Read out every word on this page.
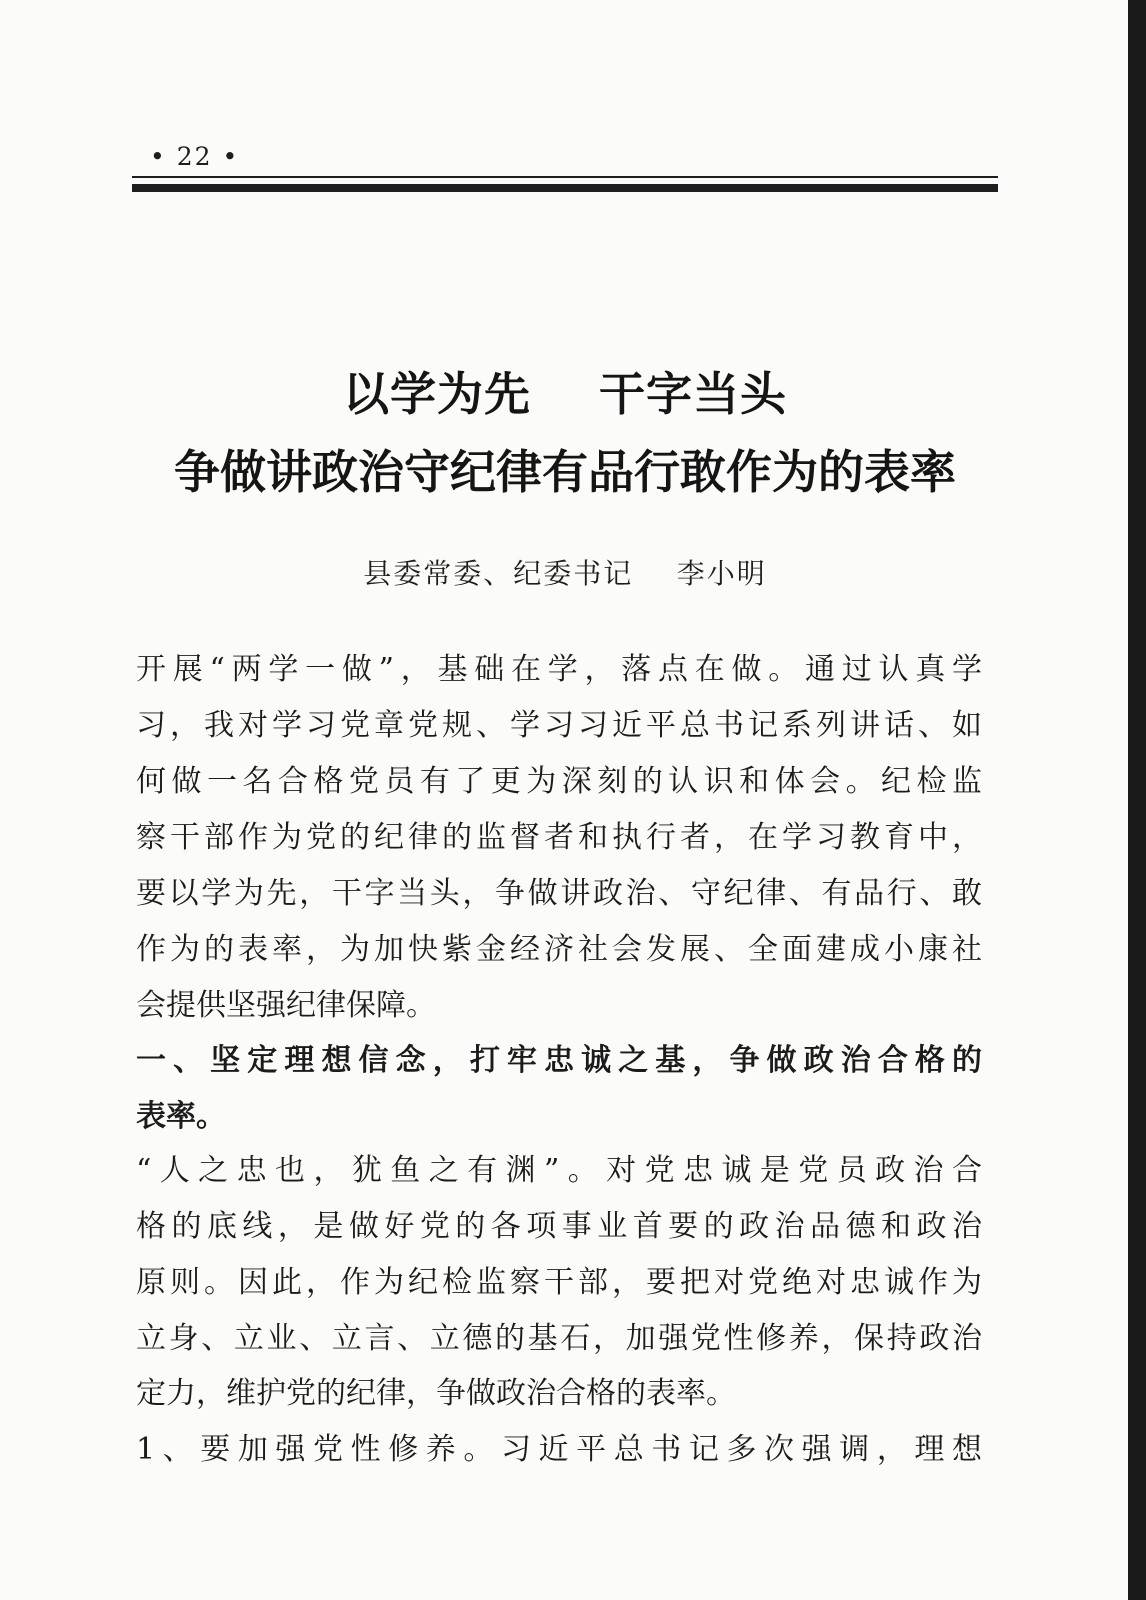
• 22 •
以学为先    干字当头
争做讲政治守纪律有品行敢作为的表率
县委常委、纪委书记    李小明
开展“两学一做”，基础在学，落点在做。通过认真学
习，我对学习党章党规、学习习近平总书记系列讲话、如
何做一名合格党员有了更为深刻的认识和体会。纪检监
察干部作为党的纪律的监督者和执行者，在学习教育中，
要以学为先，干字当头，争做讲政治、守纪律、有品行、敢
作为的表率，为加快紫金经济社会发展、全面建成小康社
会提供坚强纪律保障。
一、坚定理想信念，打牢忠诚之基，争做政治合格的
表率。
“人之忠也，犹鱼之有渊”。对党忠诚是党员政治合
格的底线，是做好党的各项事业首要的政治品德和政治
原则。因此，作为纪检监察干部，要把对党绝对忠诚作为
立身、立业、立言、立德的基石，加强党性修养，保持政治
定力，维护党的纪律，争做政治合格的表率。
1、要加强党性修养。习近平总书记多次强调，理想
